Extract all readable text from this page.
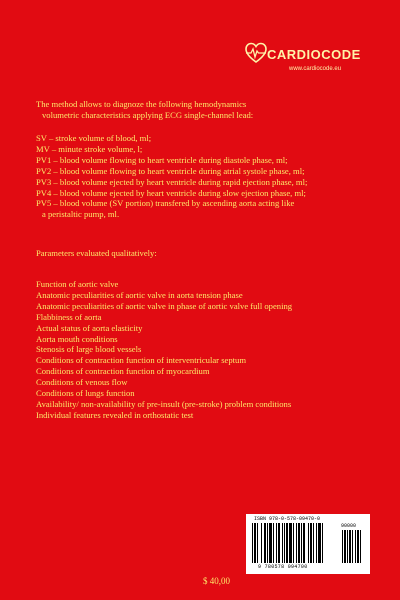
CARDIOCODE
www.cardiocode.eu
The method allows to diagnoze the following hemodynamics
volumetric characteristics applying ECG single-channel lead:
SV – stroke volume of blood, ml;
MV – minute stroke volume, l;
PV1 – blood volume flowing to heart ventricle during diastole phase, ml;
PV2 – blood volume flowing to heart ventricle during atrial systole phase, ml;
PV3 – blood volume ejected by heart ventricle during rapid ejection phase, ml;
PV4 – blood volume ejected by heart ventricle during slow ejection phase, ml;
PV5 – blood volume (SV portion) transfered by ascending aorta acting like
a peristaltic pump, ml.
Parameters evaluated qualitatively:
Function of aortic valve
Anatomic peculiarities of aortic valve in aorta tension phase
Anatomic peculiarities of aortic valve in phase of aortic valve full opening
Flabbiness of aorta
Actual status of aorta elasticity
Aorta mouth conditions
Stenosis of large blood vessels
Conditions of contraction function of interventricular septum
Conditions of contraction function of myocardium
Conditions of venous flow
Conditions of lungs function
Availability/ non-availability of pre-insult (pre-stroke) problem conditions
Individual features revealed in orthostatic test
ISBN 978-0-578-09470-0
90000
9 780578 094700
$ 40,00
